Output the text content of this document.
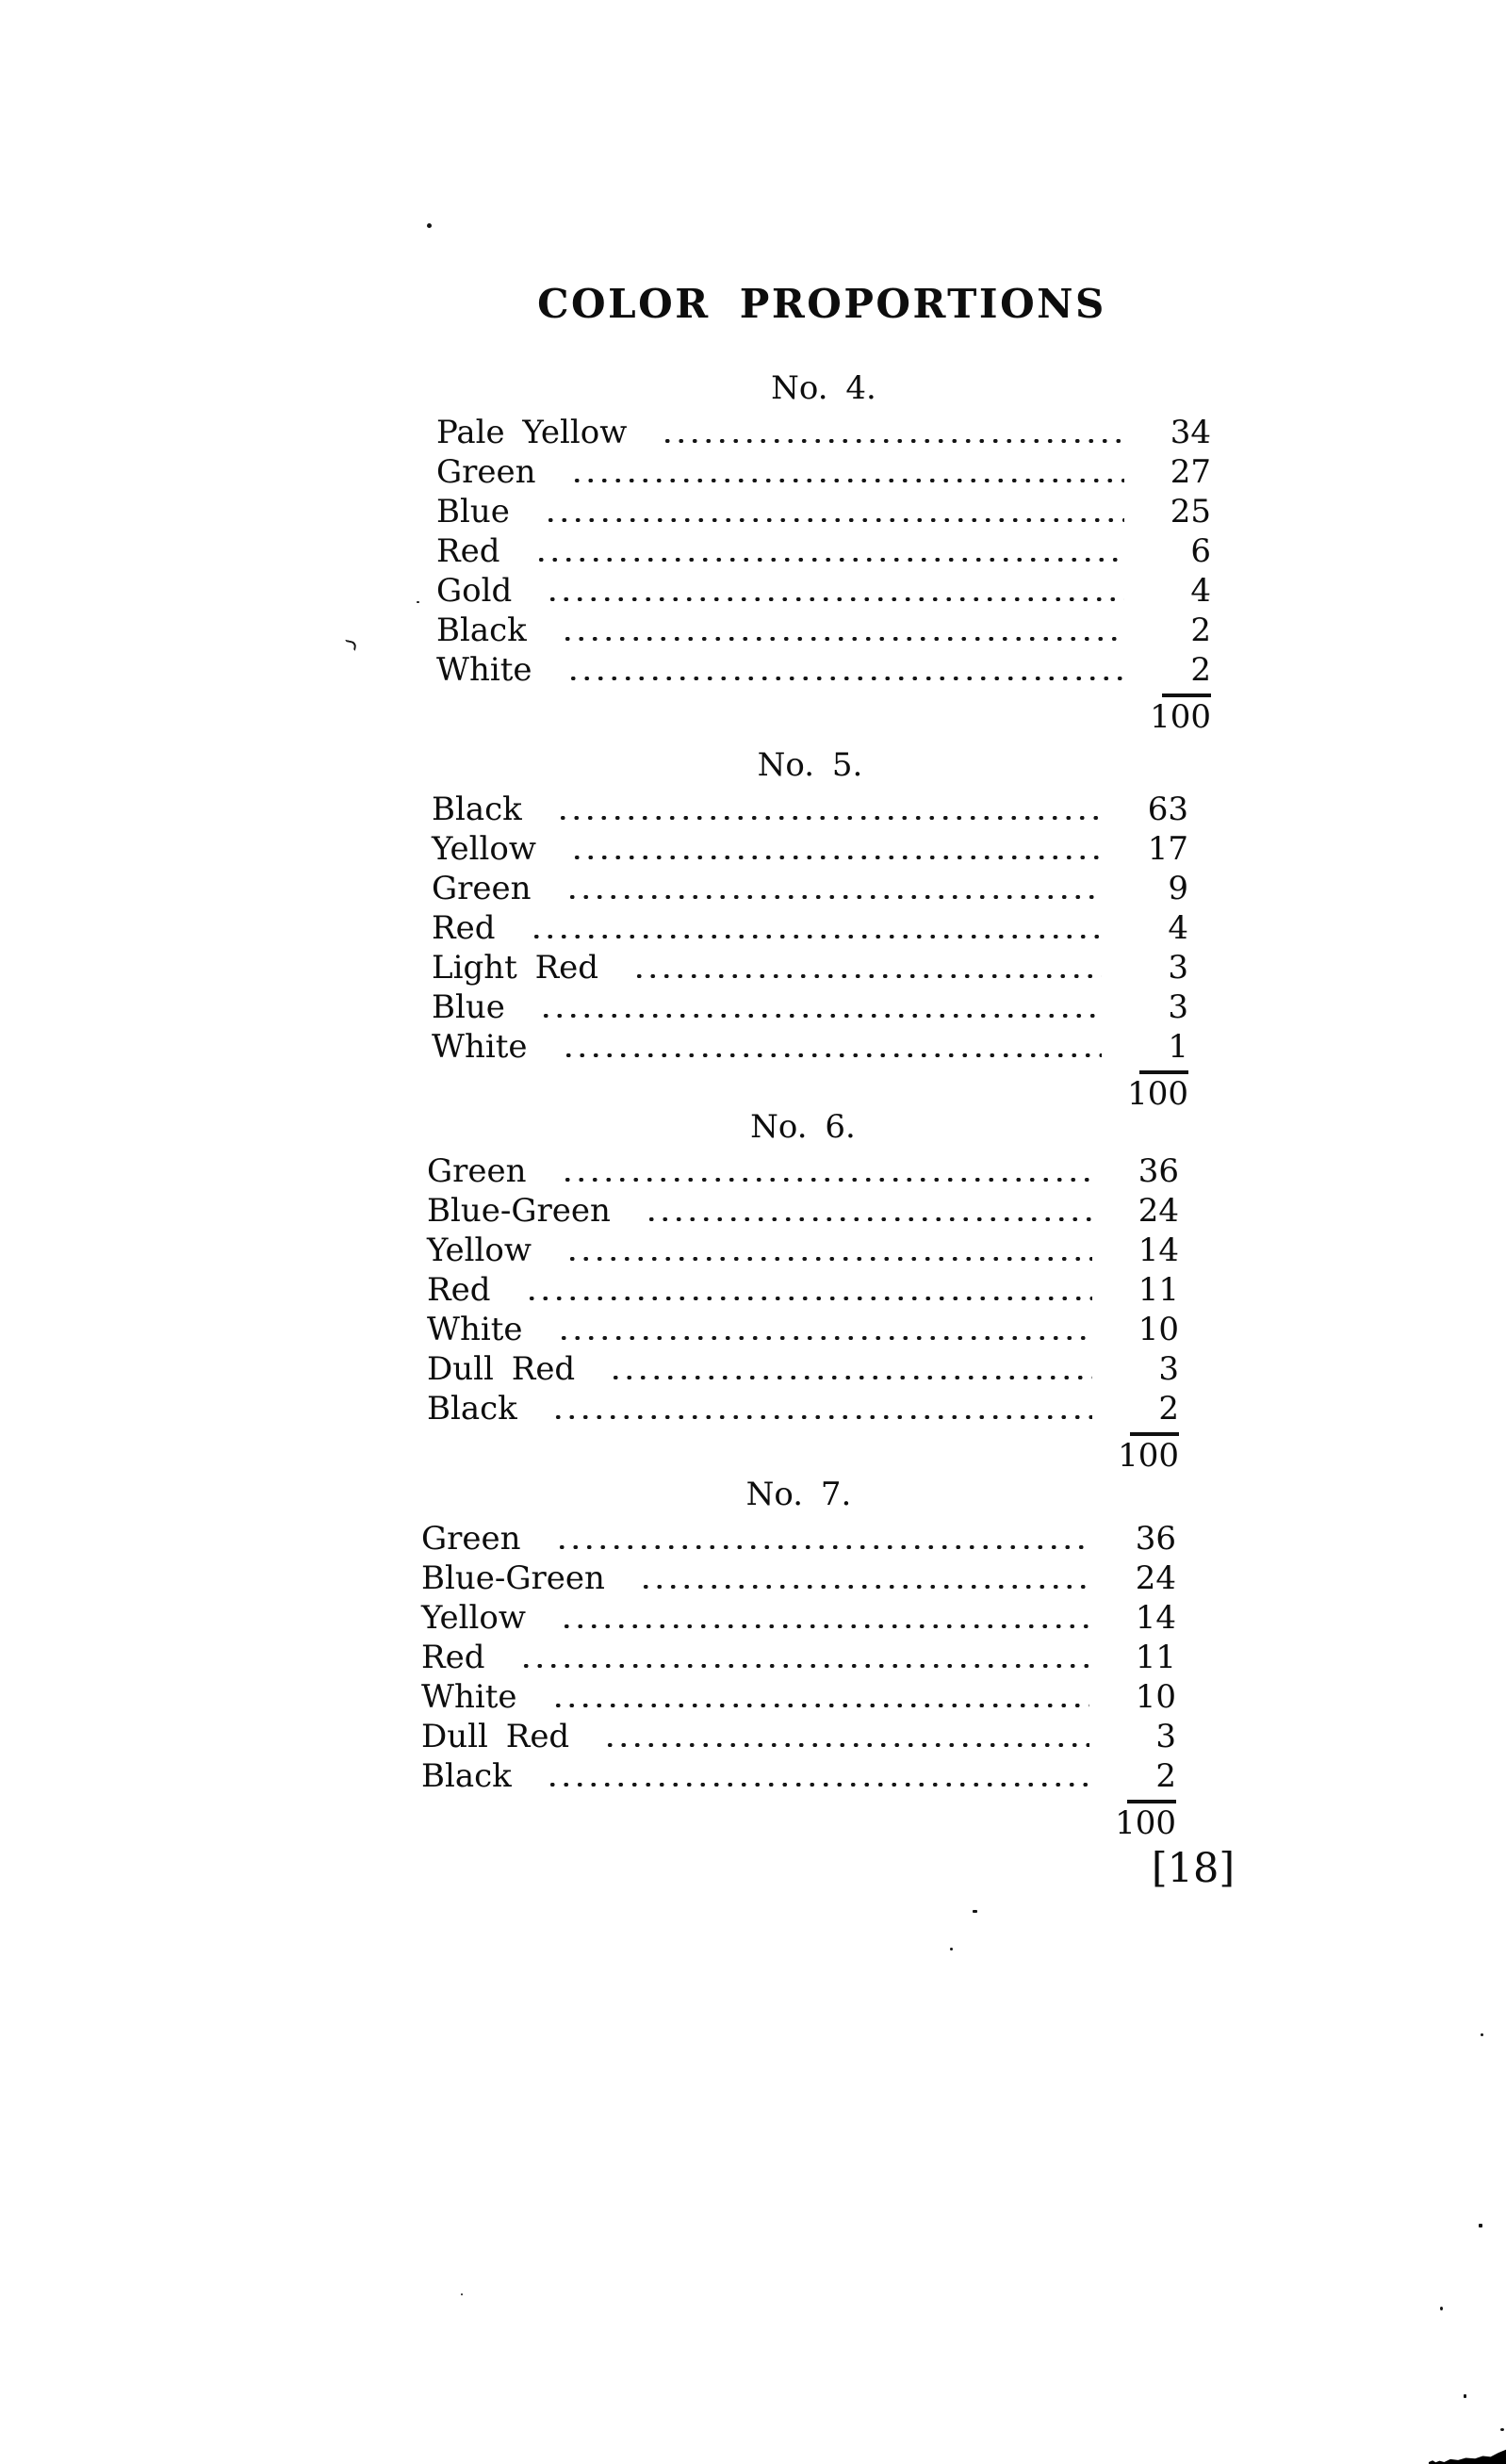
COLOR PROPORTIONS
No. 4.
Pale Yellow	34
Green	27
Blue	25
Red	6
Gold	4
Black	2
White	2
100
No. 5.
Black	63
Yellow	17
Green	9
Red	4
Light Red	3
Blue	3
White	1
100
No. 6.
Green	36
Blue-Green	24
Yellow	14
Red	11
White	10
Dull Red	3
Black	2
100
No. 7.
Green	36
Blue-Green	24
Yellow	14
Red	11
White	10
Dull Red	3
Black	2
100
[18]
